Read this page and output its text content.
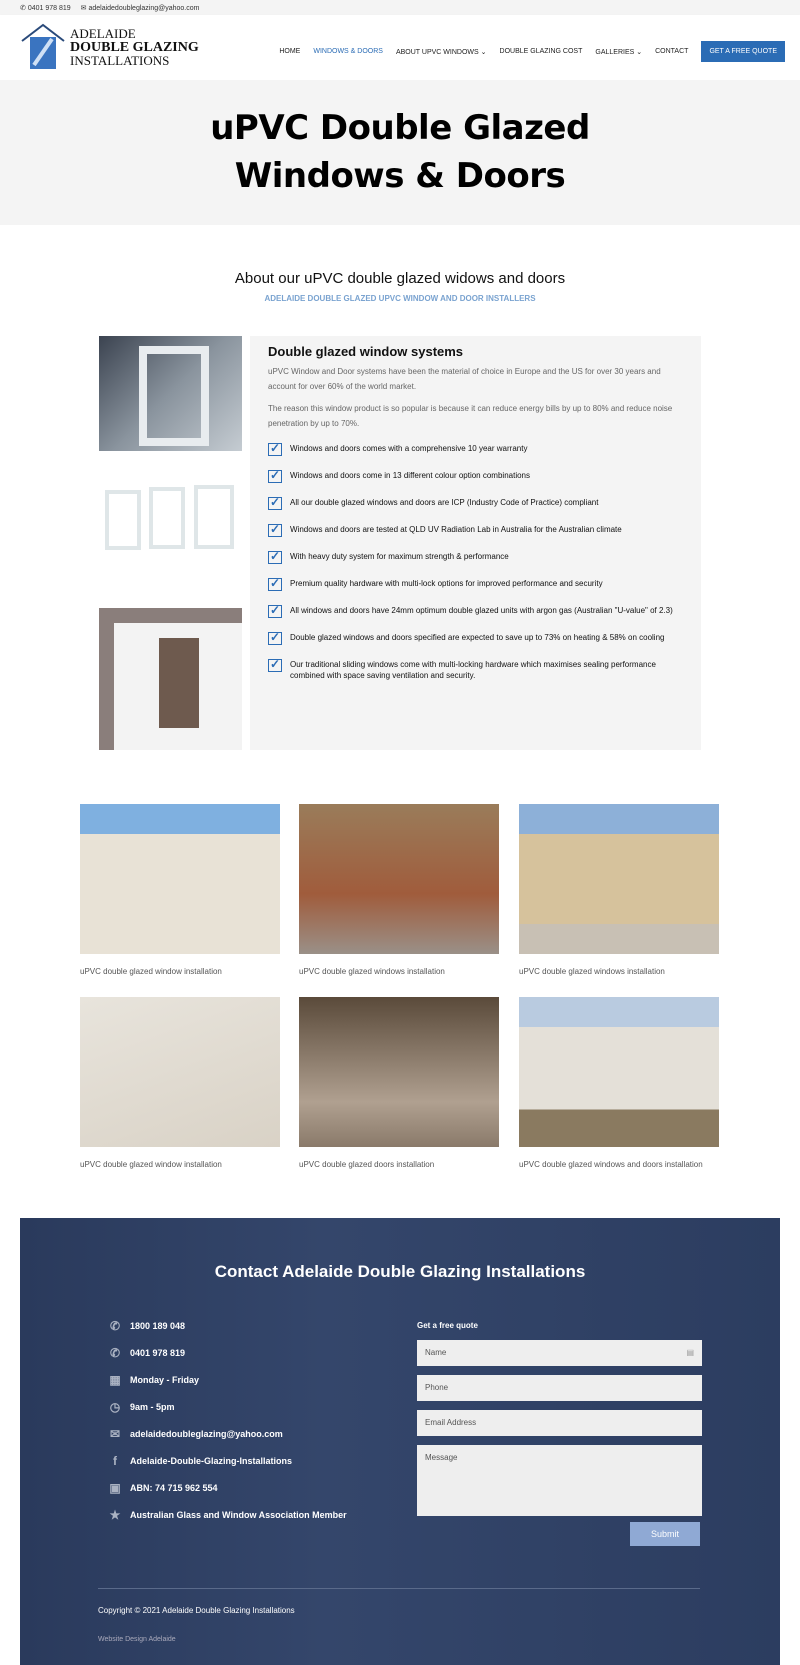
✆ 0401 978 819 ✉ adelaidedoubleglazing@yahoo.com
ADELAIDE
DOUBLE GLAZING
INSTALLATIONS
HOME WINDOWS & DOORS ABOUT UPVC WINDOWS ⌄ DOUBLE GLAZING COST GALLERIES ⌄ CONTACT	GET A FREE QUOTE
uPVC Double Glazed
Windows & Doors
About our uPVC double glazed widows and doors
ADELAIDE DOUBLE GLAZED UPVC WINDOW AND DOOR INSTALLERS
Double glazed window systems

uPVC Window and Door systems have been the material of choice in Europe and the US for over 30 years and account for over 60% of the world market.

The reason this window product is so popular is because it can reduce energy bills by up to 80% and reduce noise penetration by up to 70%.

✓ Windows and doors comes with a comprehensive 10 year warranty
✓ Windows and doors come in 13 different colour option combinations
✓ All our double glazed windows and doors are ICP (Industry Code of Practice) compliant
✓ Windows and doors are tested at QLD UV Radiation Lab in Australia for the Australian climate
✓ With heavy duty system for maximum strength & performance
✓ Premium quality hardware with multi-lock options for improved performance and security
✓ All windows and doors have 24mm optimum double glazed units with argon gas (Australian "U-value" of 2.3)
✓ Double glazed windows and doors specified are expected to save up to 73% on heating & 58% on cooling
✓ Our traditional sliding windows come with multi-locking hardware which maximises sealing performance combined with space saving ventilation and security.
uPVC double glazed window installation	uPVC double glazed windows installation	uPVC double glazed windows installation
uPVC double glazed window installation	uPVC double glazed doors installation	uPVC double glazed windows and doors installation
Contact Adelaide Double Glazing Installations
✆ 1800 189 048
✆ 0401 978 819
▦ Monday - Friday
◷ 9am - 5pm
✉ adelaidedoubleglazing@yahoo.com
f	Adelaide-Double-Glazing-Installations
▣ ABN: 74 715 962 554
★ Australian Glass and Window Association Member
Get a free quote
Name	▤
Phone
Email Address
Message
Submit
Copyright © 2021 Adelaide Double Glazing Installations
Website Design Adelaide
